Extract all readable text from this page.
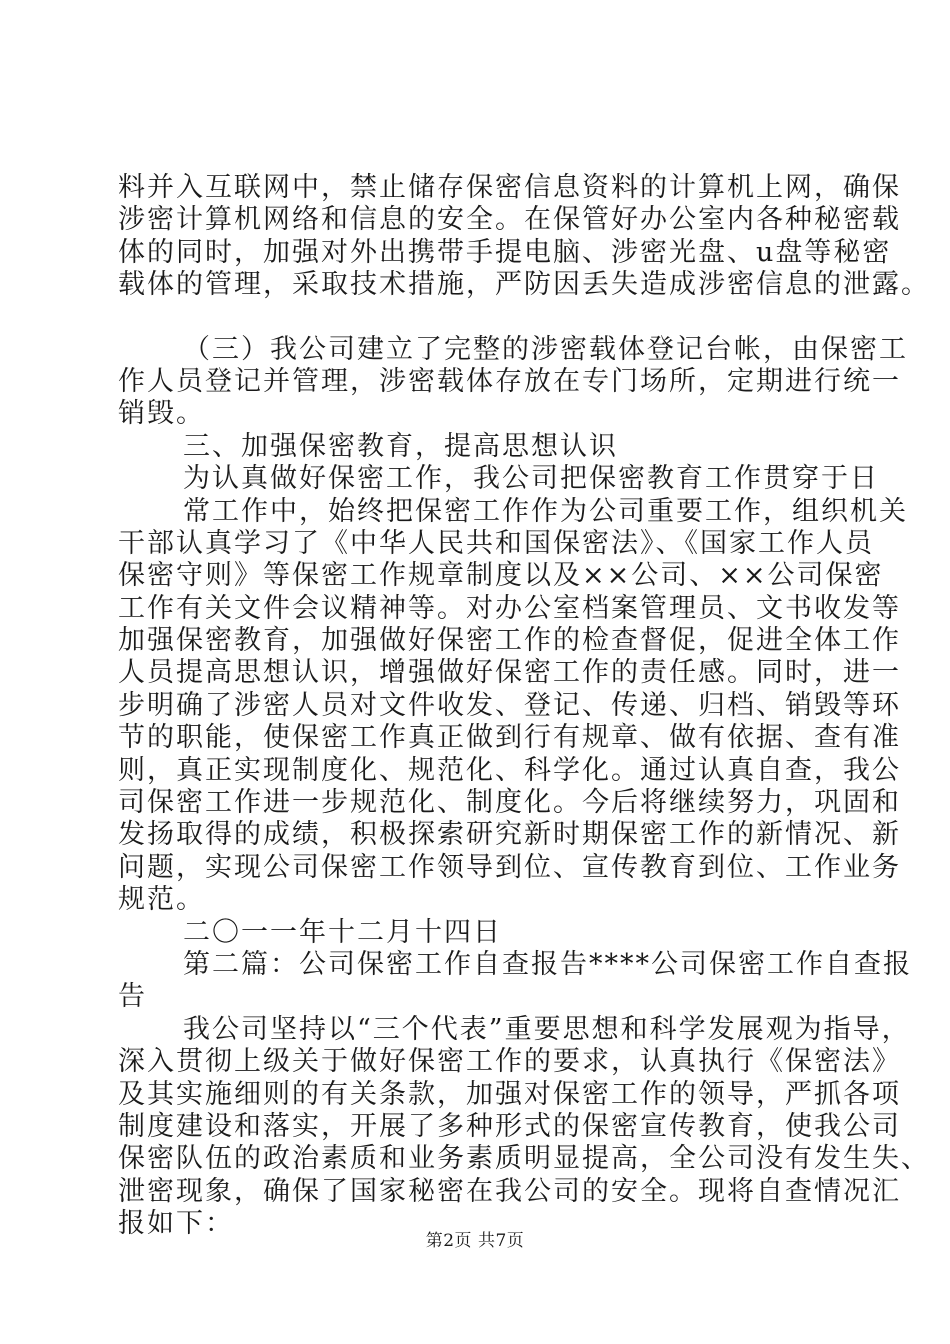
料并入互联网中，禁止储存保密信息资料的计算机上网，确保
涉密计算机网络和信息的安全。在保管好办公室内各种秘密载
体的同时，加强对外出携带手提电脑、涉密光盘、u盘等秘密
载体的管理，采取技术措施，严防因丢失造成涉密信息的泄露。
（三）我公司建立了完整的涉密载体登记台帐，由保密工
作人员登记并管理，涉密载体存放在专门场所，定期进行统一
销毁。
三、加强保密教育，提高思想认识
为认真做好保密工作，我公司把保密教育工作贯穿于日
常工作中，始终把保密工作作为公司重要工作，组织机关
干部认真学习了《中华人民共和国保密法》、《国家工作人员
保密守则》等保密工作规章制度以及××公司、××公司保密
工作有关文件会议精神等。对办公室档案管理员、文书收发等
加强保密教育，加强做好保密工作的检查督促，促进全体工作
人员提高思想认识，增强做好保密工作的责任感。同时，进一
步明确了涉密人员对文件收发、登记、传递、归档、销毁等环
节的职能，使保密工作真正做到行有规章、做有依据、查有准
则，真正实现制度化、规范化、科学化。通过认真自查，我公
司保密工作进一步规范化、制度化。今后将继续努力，巩固和
发扬取得的成绩，积极探索研究新时期保密工作的新情况、新
问题，实现公司保密工作领导到位、宣传教育到位、工作业务
规范。
二〇一一年十二月十四日
第二篇：公司保密工作自查报告****公司保密工作自查报
告
我公司坚持以“三个代表”重要思想和科学发展观为指导，
深入贯彻上级关于做好保密工作的要求，认真执行《保密法》
及其实施细则的有关条款，加强对保密工作的领导，严抓各项
制度建设和落实，开展了多种形式的保密宣传教育，使我公司
保密队伍的政治素质和业务素质明显提高，全公司没有发生失、
泄密现象，确保了国家秘密在我公司的安全。现将自查情况汇
报如下：
第2页 共7页
